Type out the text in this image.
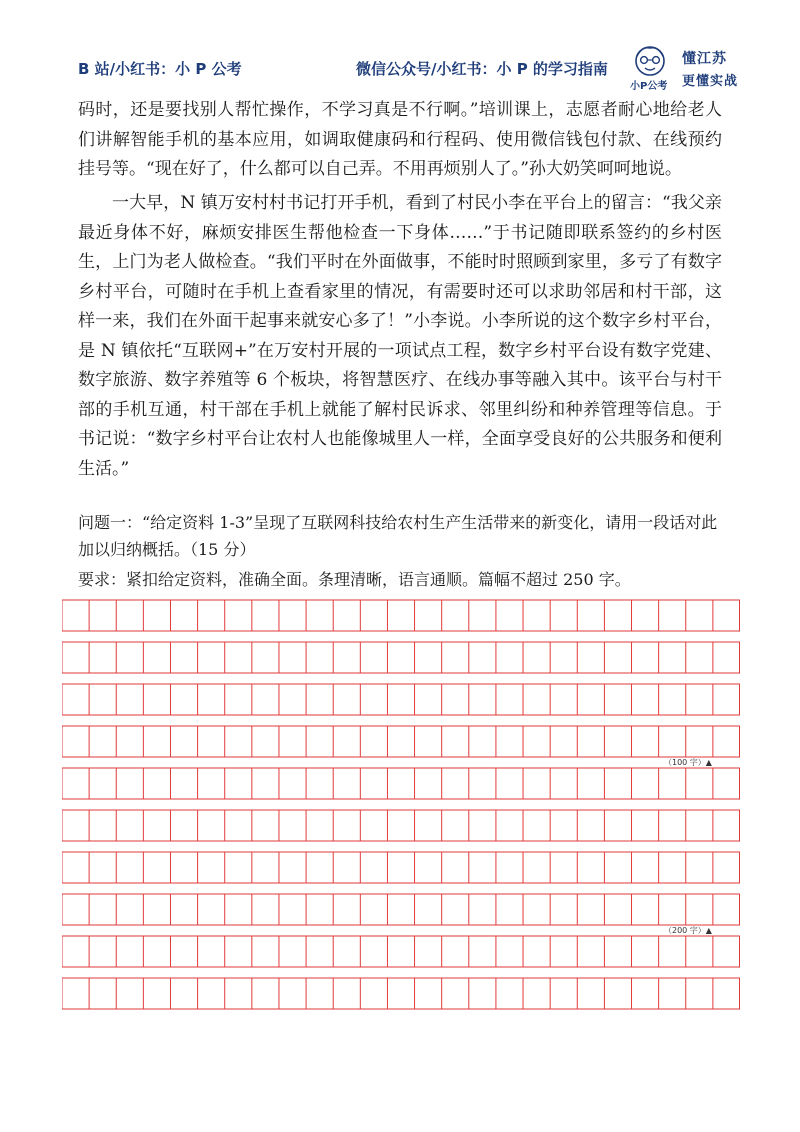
B 站/小红书：小 P 公考	微信公众号/小红书：小 P 的学习指南
小P公考
懂江苏
更懂实战

码时，还是要找别人帮忙操作，不学习真是不行啊。”培训课上，志愿者耐心地给老人们讲解智能手机的基本应用，如调取健康码和行程码、使用微信钱包付款、在线预约挂号等。“现在好了，什么都可以自己弄。不用再烦别人了。”孙大奶笑呵呵地说。

一大早，N 镇万安村村书记打开手机，看到了村民小李在平台上的留言：“我父亲最近身体不好，麻烦安排医生帮他检查一下身体……”于书记随即联系签约的乡村医生，上门为老人做检查。“我们平时在外面做事，不能时时照顾到家里，多亏了有数字乡村平台，可随时在手机上查看家里的情况，有需要时还可以求助邻居和村干部，这样一来，我们在外面干起事来就安心多了！”小李说。小李所说的这个数字乡村平台，是 N 镇依托“互联网+”在万安村开展的一项试点工程，数字乡村平台设有数字党建、数字旅游、数字养殖等 6 个板块，将智慧医疗、在线办事等融入其中。该平台与村干部的手机互通，村干部在手机上就能了解村民诉求、邻里纠纷和种养管理等信息。于书记说：“数字乡村平台让农村人也能像城里人一样，全面享受良好的公共服务和便利生活。”

问题一：“给定资料 1-3”呈现了互联网科技给农村生产生活带来的新变化，请用一段话对此加以归纳概括。（15 分）

要求：紧扣给定资料，准确全面。条理清晰，语言通顺。篇幅不超过 250 字。

（100 字）▲
（200 字）▲
